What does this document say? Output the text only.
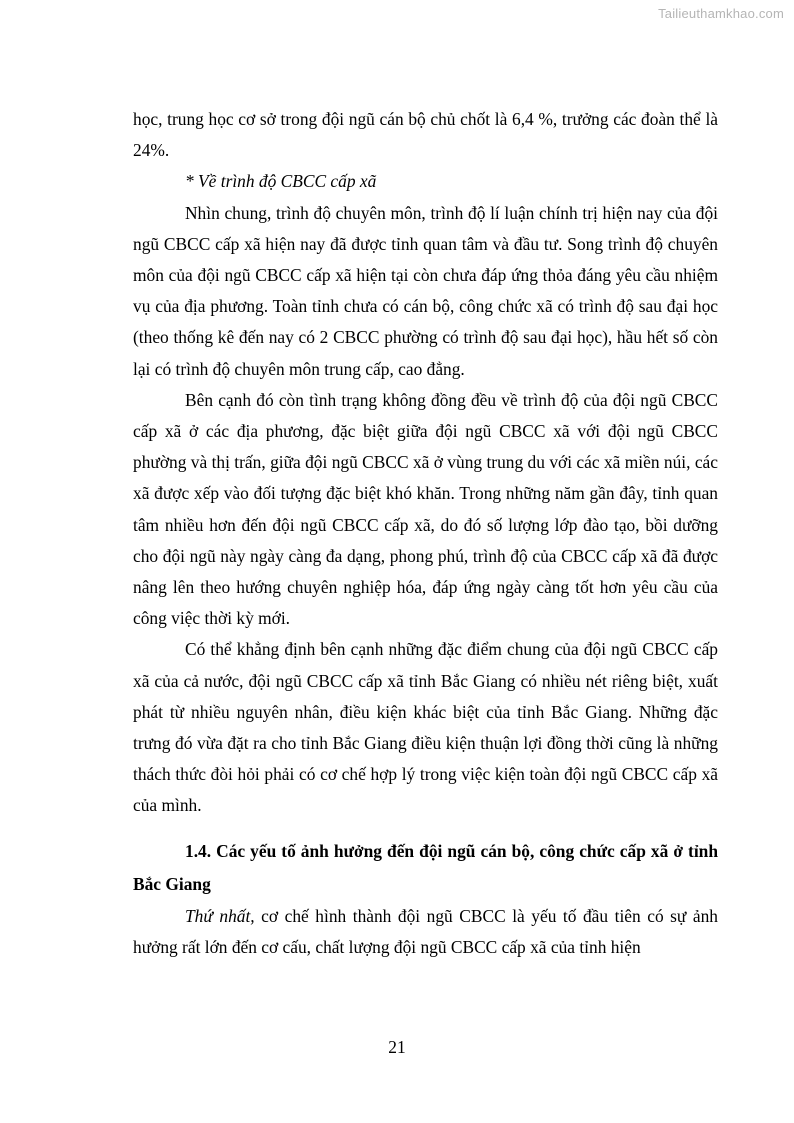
Tailieuthamkhao.com

học, trung học cơ sở trong đội ngũ cán bộ chủ chốt là 6,4 %, trưởng các đoàn thể là 24%.

* Về trình độ CBCC cấp xã

Nhìn chung, trình độ chuyên môn, trình độ lí luận chính trị hiện nay của đội ngũ CBCC cấp xã hiện nay đã được tỉnh quan tâm và đầu tư. Song trình độ chuyên môn của đội ngũ CBCC cấp xã hiện tại còn chưa đáp ứng thỏa đáng yêu cầu nhiệm vụ của địa phương. Toàn tỉnh chưa có cán bộ, công chức xã có trình độ sau đại học (theo thống kê đến nay có 2 CBCC phường có trình độ sau đại học), hầu hết số còn lại có trình độ chuyên môn trung cấp, cao đẳng.

Bên cạnh đó còn tình trạng không đồng đều về trình độ của đội ngũ CBCC cấp xã ở các địa phương, đặc biệt giữa đội ngũ CBCC xã với đội ngũ CBCC phường và thị trấn, giữa đội ngũ CBCC xã ở vùng trung du với các xã miền núi, các xã được xếp vào đối tượng đặc biệt khó khăn. Trong những năm gần đây, tỉnh quan tâm nhiều hơn đến đội ngũ CBCC cấp xã, do đó số lượng lớp đào tạo, bồi dưỡng cho đội ngũ này ngày càng đa dạng, phong phú, trình độ của CBCC cấp xã đã được nâng lên theo hướng chuyên nghiệp hóa, đáp ứng ngày càng tốt hơn yêu cầu của công việc thời kỳ mới.

Có thể khẳng định bên cạnh những đặc điểm chung của đội ngũ CBCC cấp xã của cả nước, đội ngũ CBCC cấp xã tỉnh Bắc Giang có nhiều nét riêng biệt, xuất phát từ nhiều nguyên nhân, điều kiện khác biệt của tỉnh Bắc Giang. Những đặc trưng đó vừa đặt ra cho tỉnh Bắc Giang điều kiện thuận lợi đồng thời cũng là những thách thức đòi hỏi phải có cơ chế hợp lý trong việc kiện toàn đội ngũ CBCC cấp xã của mình.

1.4. Các yếu tố ảnh hưởng đến đội ngũ cán bộ, công chức cấp xã ở tỉnh Bắc Giang

Thứ nhất, cơ chế hình thành đội ngũ CBCC là yếu tố đầu tiên có sự ảnh hưởng rất lớn đến cơ cấu, chất lượng đội ngũ CBCC cấp xã của tỉnh hiện

21
